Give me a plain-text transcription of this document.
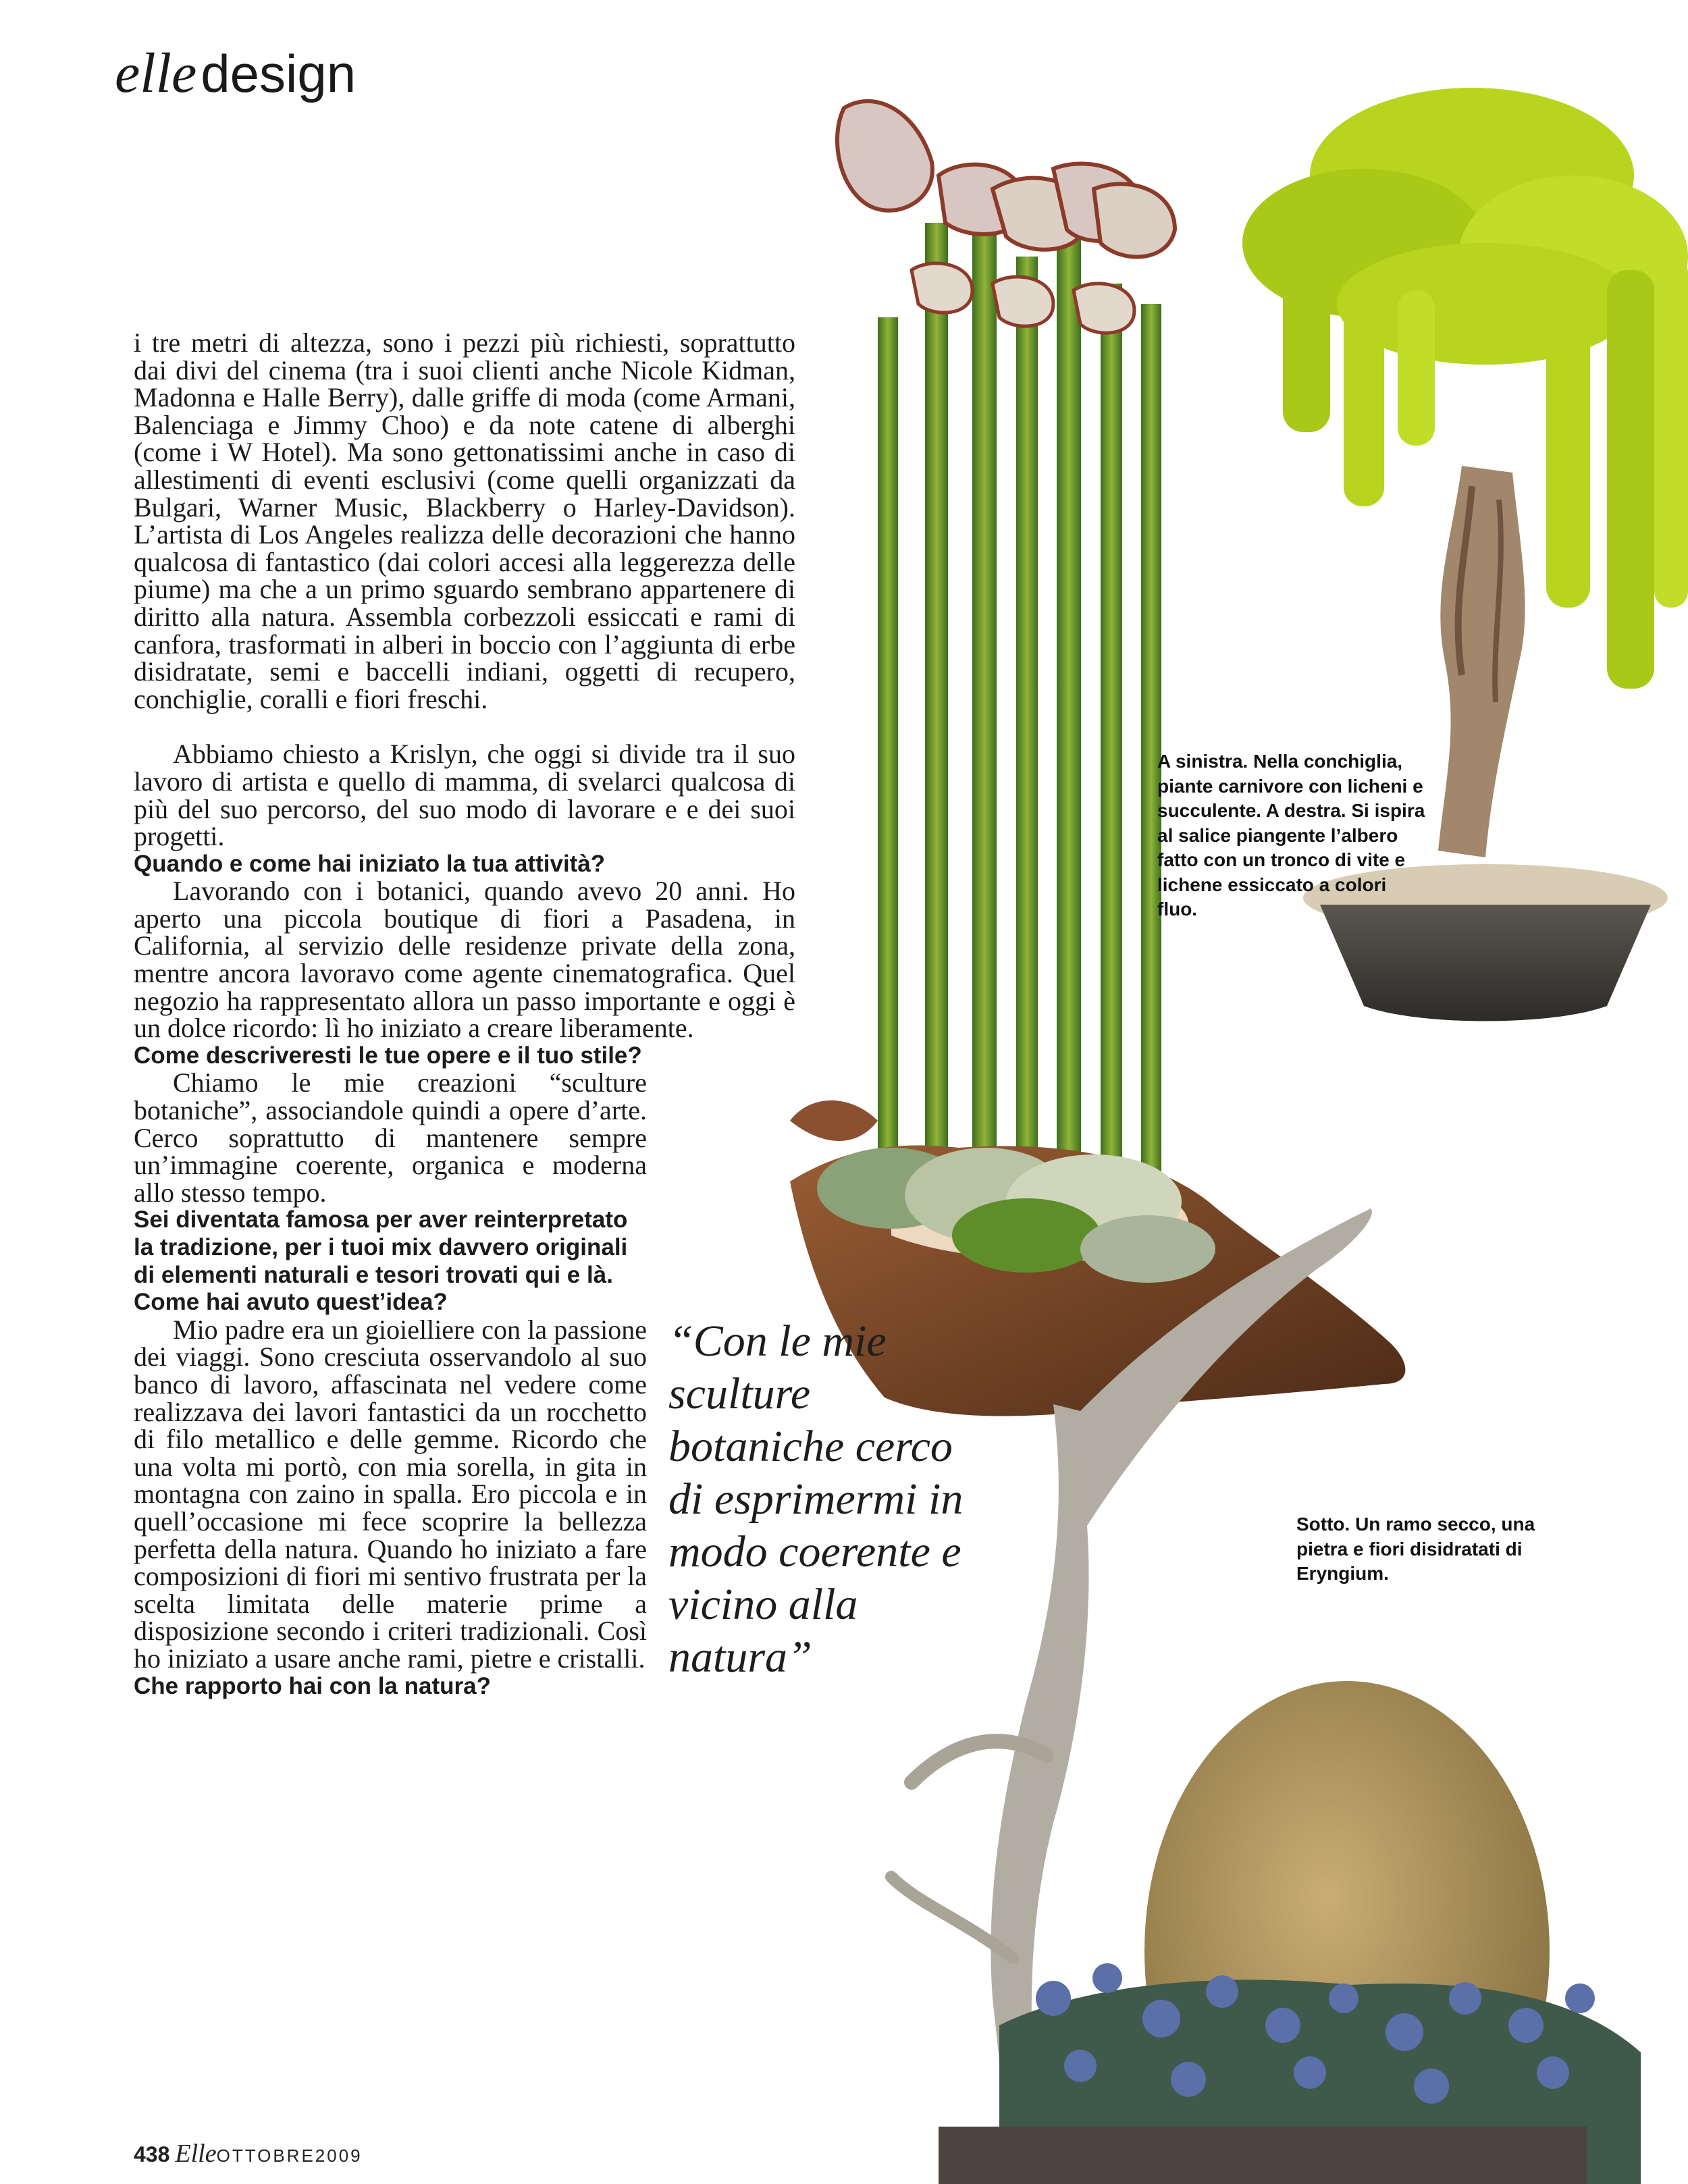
elledesign

i tre metri di altezza, sono i pezzi più richiesti, soprattutto dai divi del cinema (tra i suoi clienti anche Nicole Kidman, Madonna e Halle Berry), dalle griffe di moda (come Armani, Balenciaga e Jimmy Choo) e da note catene di alberghi (come i W Hotel). Ma sono gettonatissimi anche in caso di allestimenti di eventi esclusivi (come quelli organizzati da Bulgari, Warner Music, Blackberry o Harley-Davidson). L’artista di Los Angeles realizza delle decorazioni che hanno qualcosa di fantastico (dai colori accesi alla leggerezza delle piume) ma che a un primo sguardo sembrano appartenere di diritto alla natura. Assembla corbezzoli essiccati e rami di canfora, trasformati in alberi in boccio con l’aggiunta di erbe disidratate, semi e baccelli indiani, oggetti di recupero, conchiglie, coralli e fiori freschi.

Abbiamo chiesto a Krislyn, che oggi si divide tra il suo lavoro di artista e quello di mamma, di svelarci qualcosa di più del suo percorso, del suo modo di lavorare e e dei suoi progetti.

Quando e come hai iniziato la tua attività?

Lavorando con i botanici, quando avevo 20 anni. Ho aperto una piccola boutique di fiori a Pasadena, in California, al servizio delle residenze private della zona, mentre ancora lavoravo come agente cinematografica. Quel negozio ha rappresentato allora un passo importante e oggi è un dolce ricordo: lì ho iniziato a creare liberamente.

Come descriveresti le tue opere e il tuo stile?

Chiamo le mie creazioni “sculture botaniche”, associandole quindi a opere d’arte. Cerco soprattutto di mantenere sempre un’immagine coerente, organica e moderna allo stesso tempo.

Sei diventata famosa per aver reinterpretato la tradizione, per i tuoi mix davvero originali di elementi naturali e tesori trovati qui e là. Come hai avuto quest’idea?

Mio padre era un gioielliere con la passione dei viaggi. Sono cresciuta osservandolo al suo banco di lavoro, affascinata nel vedere come realizzava dei lavori fantastici da un rocchetto di filo metallico e delle gemme. Ricordo che una volta mi portò, con mia sorella, in gita in montagna con zaino in spalla. Ero piccola e in quell’occasione mi fece scoprire la bellezza perfetta della natura. Quando ho iniziato a fare composizioni di fiori mi sentivo frustrata per la scelta limitata delle materie prime a disposizione secondo i criteri tradizionali. Così ho iniziato a usare anche rami, pietre e cristalli.

Che rapporto hai con la natura?

“Con le mie sculture botaniche cerco di esprimermi in modo coerente e vicino alla natura”

A sinistra. Nella conchiglia, piante carnivore con licheni e succulente. A destra. Si ispira al salice piangente l’albero fatto con un tronco di vite e lichene essiccato a colori fluo.

Sotto. Un ramo secco, una pietra e fiori disidratati di Eryngium.

438 ElleOTTOBRE2009
